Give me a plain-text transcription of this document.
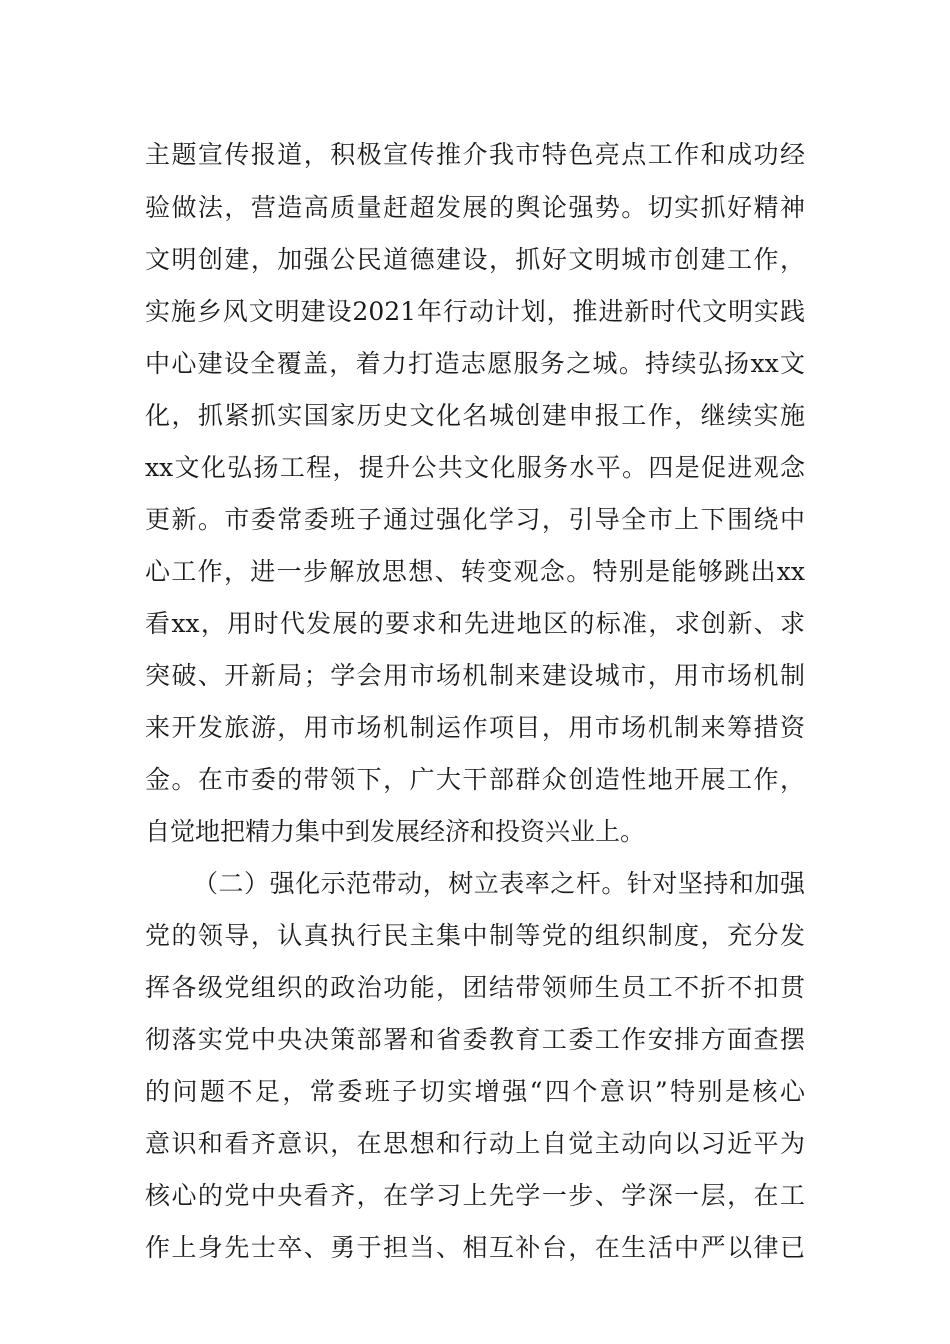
主题宣传报道，积极宣传推介我市特色亮点工作和成功经
验做法，营造高质量赶超发展的舆论强势。切实抓好精神
文明创建，加强公民道德建设，抓好文明城市创建工作，
实施乡风文明建设2021年行动计划，推进新时代文明实践
中心建设全覆盖，着力打造志愿服务之城。持续弘扬xx文
化，抓紧抓实国家历史文化名城创建申报工作，继续实施
xx文化弘扬工程，提升公共文化服务水平。四是促进观念
更新。市委常委班子通过强化学习，引导全市上下围绕中
心工作，进一步解放思想、转变观念。特别是能够跳出xx
看xx，用时代发展的要求和先进地区的标准，求创新、求
突破、开新局；学会用市场机制来建设城市，用市场机制
来开发旅游，用市场机制运作项目，用市场机制来筹措资
金。在市委的带领下，广大干部群众创造性地开展工作，
自觉地把精力集中到发展经济和投资兴业上。
（二）强化示范带动，树立表率之杆。针对坚持和加强
党的领导，认真执行民主集中制等党的组织制度，充分发
挥各级党组织的政治功能，团结带领师生员工不折不扣贯
彻落实党中央决策部署和省委教育工委工作安排方面查摆
的问题不足，常委班子切实增强“四个意识”特别是核心
意识和看齐意识，在思想和行动上自觉主动向以习近平为
核心的党中央看齐，在学习上先学一步、学深一层，在工
作上身先士卒、勇于担当、相互补台，在生活中严以律已
